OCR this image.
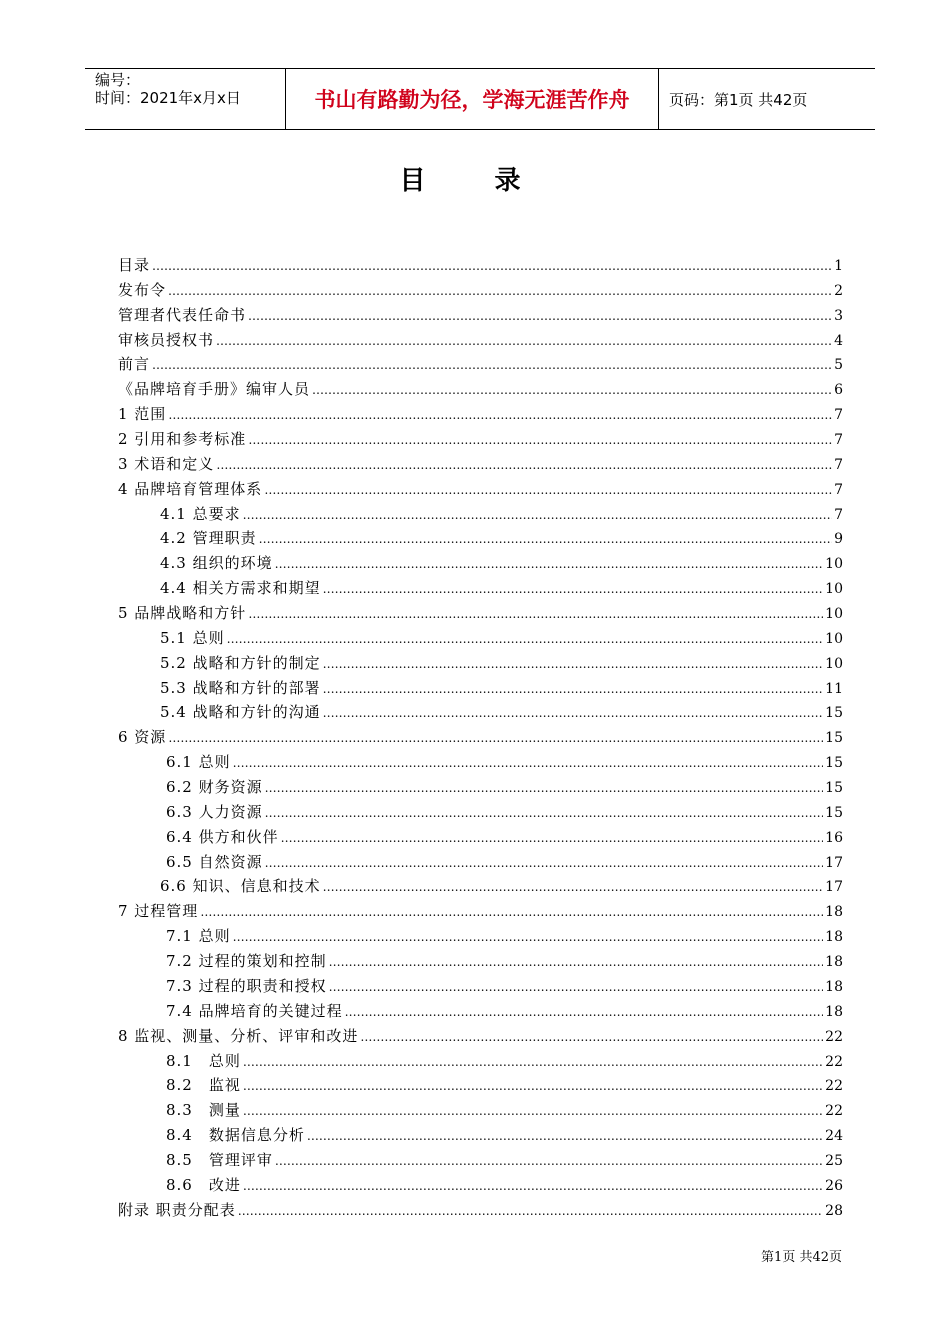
编号：
时间：2021年x月x日	书山有路勤为径，学海无涯苦作舟	页码：第1页 共42页
目 录
目录 …………………………………………………………………………………………………………………………………………………………………………………………………	1
发布令 …………………………………………………………………………………………………………………………………………………………………………………………………	2
管理者代表任命书 …………………………………………………………………………………………………………………………………………………………………………………………………	3
审核员授权书 …………………………………………………………………………………………………………………………………………………………………………………………………	4
前言 …………………………………………………………………………………………………………………………………………………………………………………………………	5
《品牌培育手册》编审人员 …………………………………………………………………………………………………………………………………………………………………………………………………	6
1 范围 …………………………………………………………………………………………………………………………………………………………………………………………………	7
2 引用和参考标准 …………………………………………………………………………………………………………………………………………………………………………………………………	7
3 术语和定义 …………………………………………………………………………………………………………………………………………………………………………………………………	7
4 品牌培育管理体系 …………………………………………………………………………………………………………………………………………………………………………………………………	7
4.1 总要求 …………………………………………………………………………………………………………………………………………………………………………………………………	7
4.2 管理职责 …………………………………………………………………………………………………………………………………………………………………………………………………	9
4.3 组织的环境 …………………………………………………………………………………………………………………………………………………………………………………………………	10
4.4 相关方需求和期望 …………………………………………………………………………………………………………………………………………………………………………………………………	10
5 品牌战略和方针 …………………………………………………………………………………………………………………………………………………………………………………………………	10
5.1 总则 …………………………………………………………………………………………………………………………………………………………………………………………………	10
5.2 战略和方针的制定 …………………………………………………………………………………………………………………………………………………………………………………………………	10
5.3 战略和方针的部署 …………………………………………………………………………………………………………………………………………………………………………………………………	11
5.4 战略和方针的沟通 …………………………………………………………………………………………………………………………………………………………………………………………………	15
6 资源 …………………………………………………………………………………………………………………………………………………………………………………………………	15
6.1 总则 …………………………………………………………………………………………………………………………………………………………………………………………………	15
6.2 财务资源 …………………………………………………………………………………………………………………………………………………………………………………………………	15
6.3 人力资源 …………………………………………………………………………………………………………………………………………………………………………………………………	15
6.4 供方和伙伴 …………………………………………………………………………………………………………………………………………………………………………………………………	16
6.5 自然资源 …………………………………………………………………………………………………………………………………………………………………………………………………	17
6.6 知识、信息和技术 …………………………………………………………………………………………………………………………………………………………………………………………………	17
7 过程管理 …………………………………………………………………………………………………………………………………………………………………………………………………	18
7.1 总则 …………………………………………………………………………………………………………………………………………………………………………………………………	18
7.2 过程的策划和控制 …………………………………………………………………………………………………………………………………………………………………………………………………	18
7.3 过程的职责和授权 …………………………………………………………………………………………………………………………………………………………………………………………………	18
7.4 品牌培育的关键过程 …………………………………………………………………………………………………………………………………………………………………………………………………	18
8 监视、测量、分析、评审和改进 …………………………………………………………………………………………………………………………………………………………………………………………………	22
8.1　总则 …………………………………………………………………………………………………………………………………………………………………………………………………	22
8.2　监视 …………………………………………………………………………………………………………………………………………………………………………………………………	22
8.3　测量 …………………………………………………………………………………………………………………………………………………………………………………………………	22
8.4　数据信息分析 …………………………………………………………………………………………………………………………………………………………………………………………………	24
8.5　管理评审 …………………………………………………………………………………………………………………………………………………………………………………………………	25
8.6　改进 …………………………………………………………………………………………………………………………………………………………………………………………………	26
附录 职责分配表 …………………………………………………………………………………………………………………………………………………………………………………………………	28
第1页 共42页
